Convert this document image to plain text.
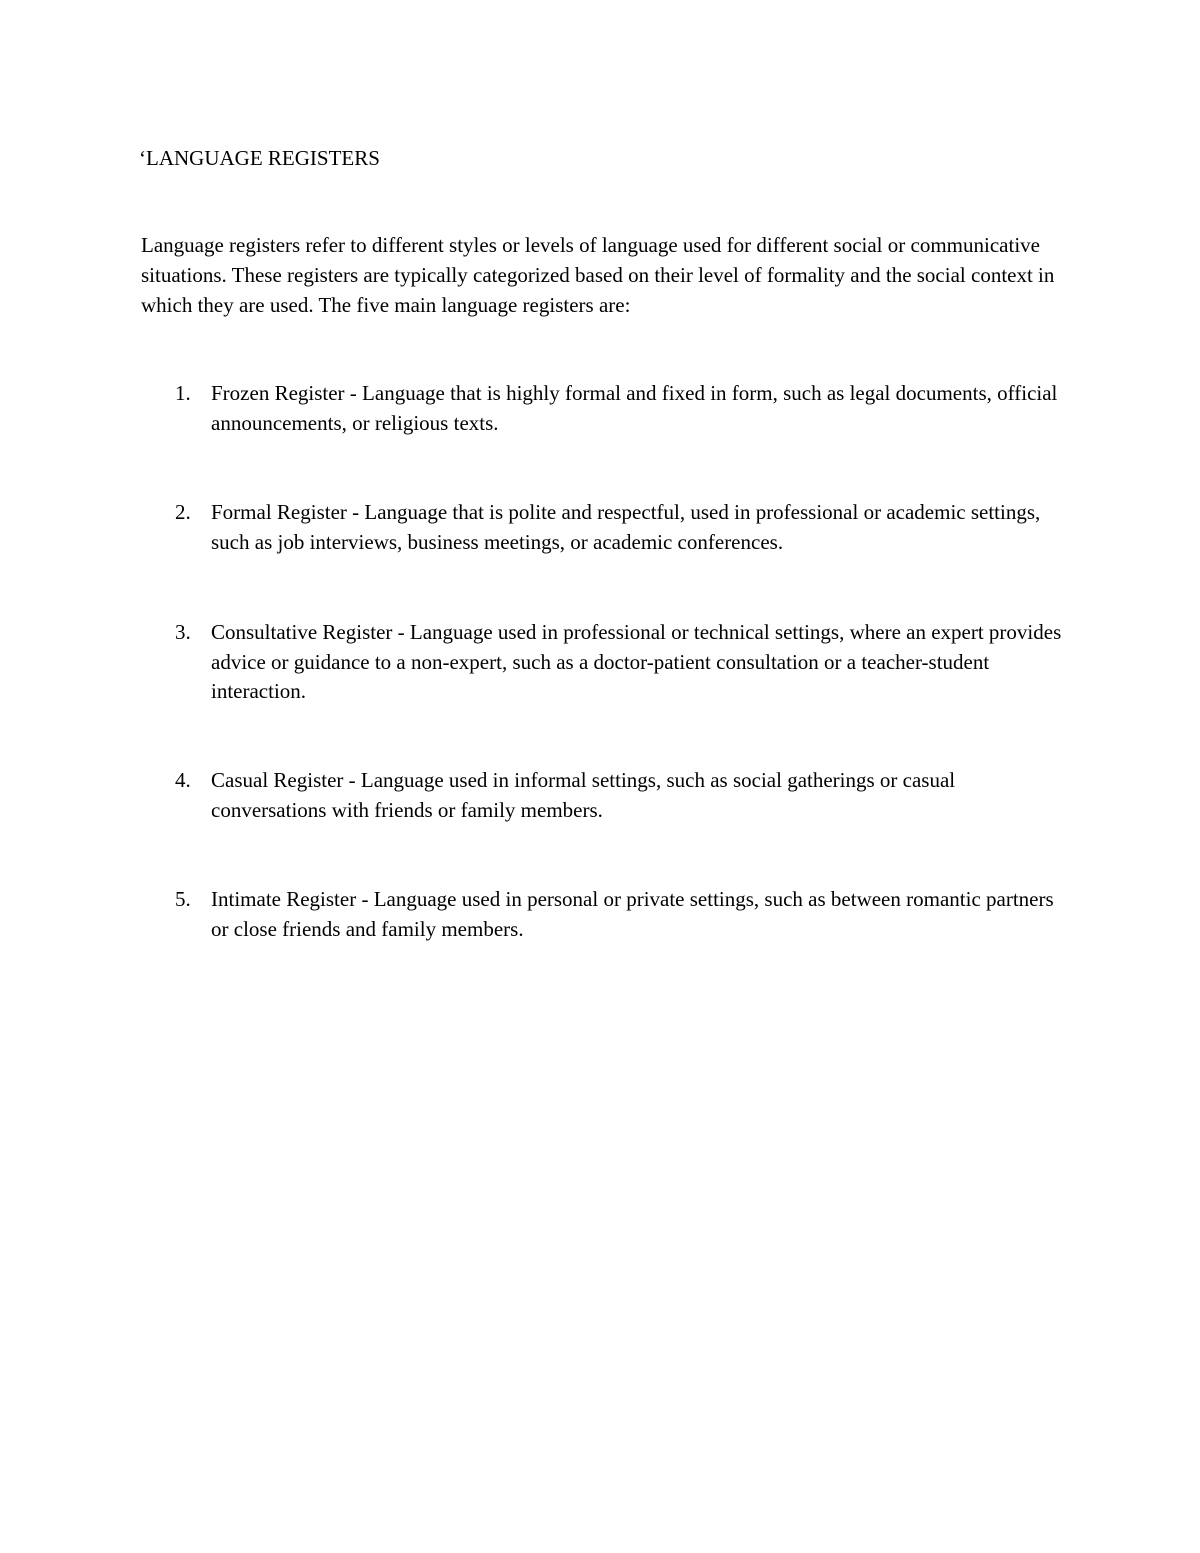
‘LANGUAGE REGISTERS

Language registers refer to different styles or levels of language used for different social or communicative situations. These registers are typically categorized based on their level of formality and the social context in which they are used. The five main language registers are:

1. Frozen Register - Language that is highly formal and fixed in form, such as legal documents, official announcements, or religious texts.
2. Formal Register - Language that is polite and respectful, used in professional or academic settings, such as job interviews, business meetings, or academic conferences.
3. Consultative Register - Language used in professional or technical settings, where an expert provides advice or guidance to a non-expert, such as a doctor-patient consultation or a teacher-student interaction.
4. Casual Register - Language used in informal settings, such as social gatherings or casual conversations with friends or family members.
5. Intimate Register - Language used in personal or private settings, such as between romantic partners or close friends and family members.
